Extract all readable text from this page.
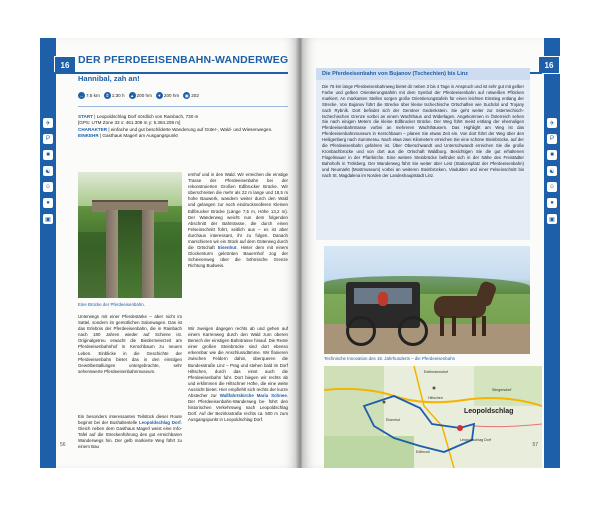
✈
P
■
☯
☺
●
▣
16 DER PFERDEEISENBAHN-WANDERWEG
Hannibal, zah an!
↔ 7,5 km	⏱ 1:30 h	▲ 200 hm	▼ 200 hm	▣ 202
START | Leopoldschlag Dorf nördlich von Rainbach, 730 m
[GPS: UTM Zone 33 x: 461.308 m y: 5.384.208 m]
CHARAKTER | einfache und gut beschilderte Wanderung auf Güter-, Wald- und Wiesenwegen.
EINKEHR | Gasthaus Magerl am Ausgangspunkt
Eine Brücke der Pferdeeisenbahn.
Unterwegs mit einer Pferdestärke – aber nicht im Sattel, sondern im gemütlichen Salonwagen. Das ist das Erlebnis der Pferdeeisenbahn, die in Rainbach nach 180 Jahren wieder auf Schiene ist. Originalgetreu erwacht die Biedermeierzeit am Pferdeeisenbahnhof in Kerschbaum zu neuem Leben. Einblicke in die Geschichte der Pferdeeisenbahn bietet das in den einstigen Gewölbestallungen untergebrachte, sehr sehenswerte Pferdeeisenbahnmuseum.
Ein besonders interessantes Teilstück dieser Route beginnt bei der Bushaltestelle Leopoldschlag Dorf. Gleich neben dem Gasthaus Magerl weist eine Info-Tafel auf die Streckenführung des gut erreichbaren Wanderwegs hin. Der gelb markierte Weg führt zu einem Bau
ernhof und in den Wald. Wir erreichen die einstige Trasse der Pferdeeisenbahn bei der rekonstruierten Großen Edlbrucker Brücke. Wir überschreiten die mehr als 22 m lange und 18,5 m hohe Bauwerk, wandern weiter durch den Wald und gelangen zur noch eindrucksvolleren Kleinen Edlbrucker Brücke (Länge 7,5 m, Höhe 13,2 m). Der Wanderweg weicht nun dem folgenden Abschnitt der Bahntrasse, die durch einen Felseinschnitt führt, seitlich aus – es ist aber durchaus interessant, ihr zu folgen. Danach marschieren wir ein Stück auf dem Güterweg durch die Ortschaft Eisenhut. Hinter dem mit einem Glockenturm gekrönten Bauernhof zog der Schienenweg über die böhmische Grenze Richtung Budweis.
Wir zweigen dagegen rechts ab und gehen auf einem Karrenweg durch den Wald zum oberen Bereich der einstigen Bahntrasse hinauf. Die Reste einer großen Steinbrücke sind dort ebenso erkennbar wie die Anschlussdämme. Wir flanieren zwischen Feldern dahin, überqueren die Bundesstraße Linz – Prag und stehen bald im Dorf Hiltschen, durch das einst auch die Pferdeeisenbahn fuhr. Dort biegen wir rechts ab und erklimmen die Hiltschner Höhe, die eine weite Aussicht bietet. Hier empfiehlt sich rechts der kurze Abstecher zur Wallfahrtskirche Maria Schnee. Der Pferdeeisenbahn-Wanderweg be- führt den historischen Verkehrsweg nach Leopoldschlag Dorf. Auf der Bezirksstraße rechts ca. 500 m zum Ausgangspunkt in Leopoldschlag Dorf.
56
✈
P
■
☯
☺
●
▣
16
Die Pferdeeisenbahn von Bujanov (Tschechien) bis Linz
Die 76 km lange Pferdeeisenbahnweg bietet dir neben 3 bis 4 Tage in Anspruch und ist sehr gut mit gelber Farbe und gelben Orientierungstafeln mit dem Symbol der Pferdeeisenbahn auf rotweißen Pflöcken markiert. An markanten Stellen sorgen große Orientierungstafeln für einen leichten Einstieg entlang der Strecke. Von Bujanov führt die Strecke über kleine tschechische Ortschaften wie Suchdol und Trojany nach Rybník. Dort befindet sich der Gerstner Gedenkstein. Sie geht weiter zur österreichisch-tschechischen Grenze vorbei an einem Wachthaus und Widerlagen. Angekommen in Österreich sehen Sie nach einigen Metern die kleine Edlbrucker Brücke. Der Weg führt meist entlang der ehemaligen Pferdeeisenbahntrasse vorbei an mehreren Wachthäusern. Das Highlight am Weg ist das Pferdeeisenbahnmuseum in Kerschbaum – planen Sie etwas Zeit ein. Von dort führt der Weg über den Heiligenberg nach Summerau. Nach etwa zwei Kilometern erreichen Sie eine schöne Steinbrücke, auf der die Pferdeeisenbahn gefahren ist. Über Oberschwandt und Unterschwandt erreichen Sie die große Kronbachbrücke und von dort aus die Ortschaft Waldburg. Besichtigen Sie die gut erhaltenen Flügelmauer in der Pfarrkirche. Eine weitere Steinbrücke befindet sich in der Nähe des Freistädter Bahnhofs in Trölsberg. Der Wanderweg führt Sie weiter über Lest (Stationsplatz der Pferdeeisenbahn) und Neumarkt (Mostmuseum) vorbei an weiteren Steinbrücken, Viadukten und einer Felseinschnitt bis nach St. Magdalena im Norden der Landeshauptstadt Linz.
Technische Innovation des 19. Jahrhunderts – die Pferdeeisenbahn
Leopoldschlag
Edelmannsdorf
Eisenhut
Hiltschen
Stiegersdorf
Edlbruck
Leopoldschlag Dorf
57
